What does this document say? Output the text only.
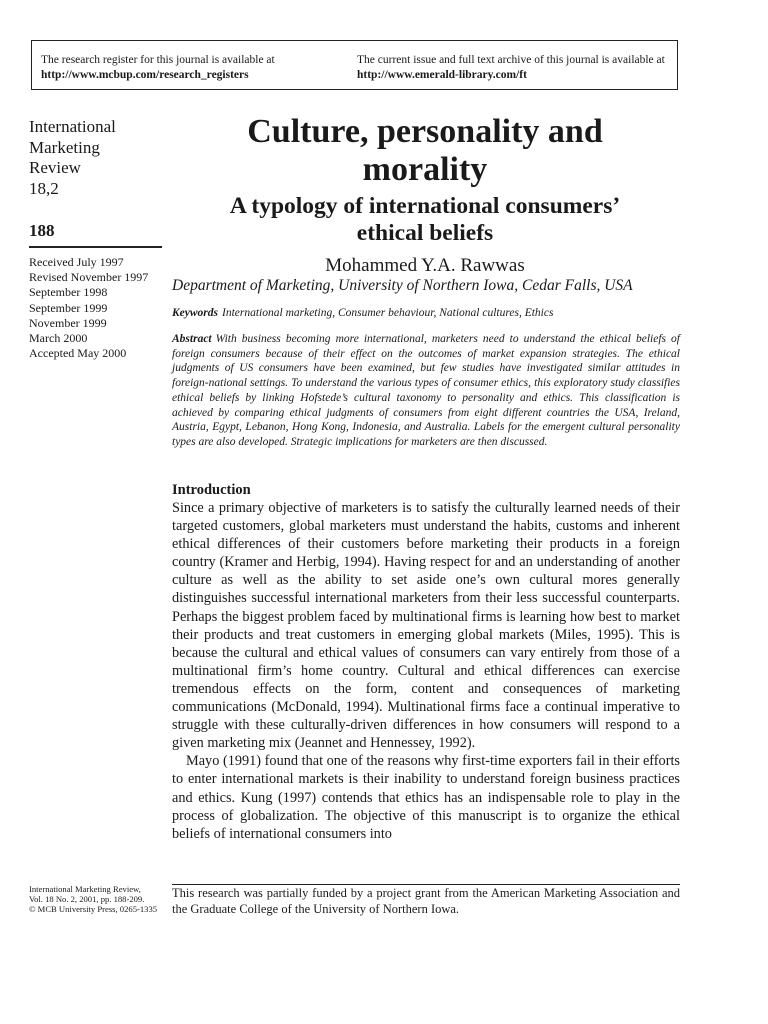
The research register for this journal is available at
http://www.mcbup.com/research_registers
The current issue and full text archive of this journal is available at
http://www.emerald-library.com/ft
International
Marketing
Review
18,2
188
Received July 1997
Revised November 1997
September 1998
September 1999
November 1999
March 2000
Accepted May 2000
Culture, personality and
morality
A typology of international consumers’
ethical beliefs
Mohammed Y.A. Rawwas
Department of Marketing, University of Northern Iowa, Cedar Falls, USA
Keywords International marketing, Consumer behaviour, National cultures, Ethics
Abstract With business becoming more international, marketers need to understand the ethical beliefs of foreign consumers because of their effect on the outcomes of market expansion strategies. The ethical judgments of US consumers have been examined, but few studies have investigated similar attitudes in foreign-national settings. To understand the various types of consumer ethics, this exploratory study classifies ethical beliefs by linking Hofstede’s cultural taxonomy to personality and ethics. This classification is achieved by comparing ethical judgments of consumers from eight different countries the USA, Ireland, Austria, Egypt, Lebanon, Hong Kong, Indonesia, and Australia. Labels for the emergent cultural personality types are also developed. Strategic implications for marketers are then discussed.
Introduction

Since a primary objective of marketers is to satisfy the culturally learned needs of their targeted customers, global marketers must understand the habits, customs and inherent ethical differences of their customers before marketing their products in a foreign country (Kramer and Herbig, 1994). Having respect for and an understanding of another culture as well as the ability to set aside one’s own cultural mores generally distinguishes successful international marketers from their less successful counterparts. Perhaps the biggest problem faced by multinational firms is learning how best to market their products and treat customers in emerging global markets (Miles, 1995). This is because the cultural and ethical values of consumers can vary entirely from those of a multinational firm’s home country. Cultural and ethical differences can exercise tremendous effects on the form, content and consequences of marketing communications (McDonald, 1994). Multinational firms face a continual imperative to struggle with these culturally-driven differences in how consumers will respond to a given marketing mix (Jeannet and Hennessey, 1992).

Mayo (1991) found that one of the reasons why first-time exporters fail in their efforts to enter international markets is their inability to understand foreign business practices and ethics. Kung (1997) contends that ethics has an indispensable role to play in the process of globalization. The objective of this manuscript is to organize the ethical beliefs of international consumers into

International Marketing Review,
Vol. 18 No. 2, 2001, pp. 188-209.
© MCB University Press, 0265-1335
This research was partially funded by a project grant from the American Marketing Association and the Graduate College of the University of Northern Iowa.
